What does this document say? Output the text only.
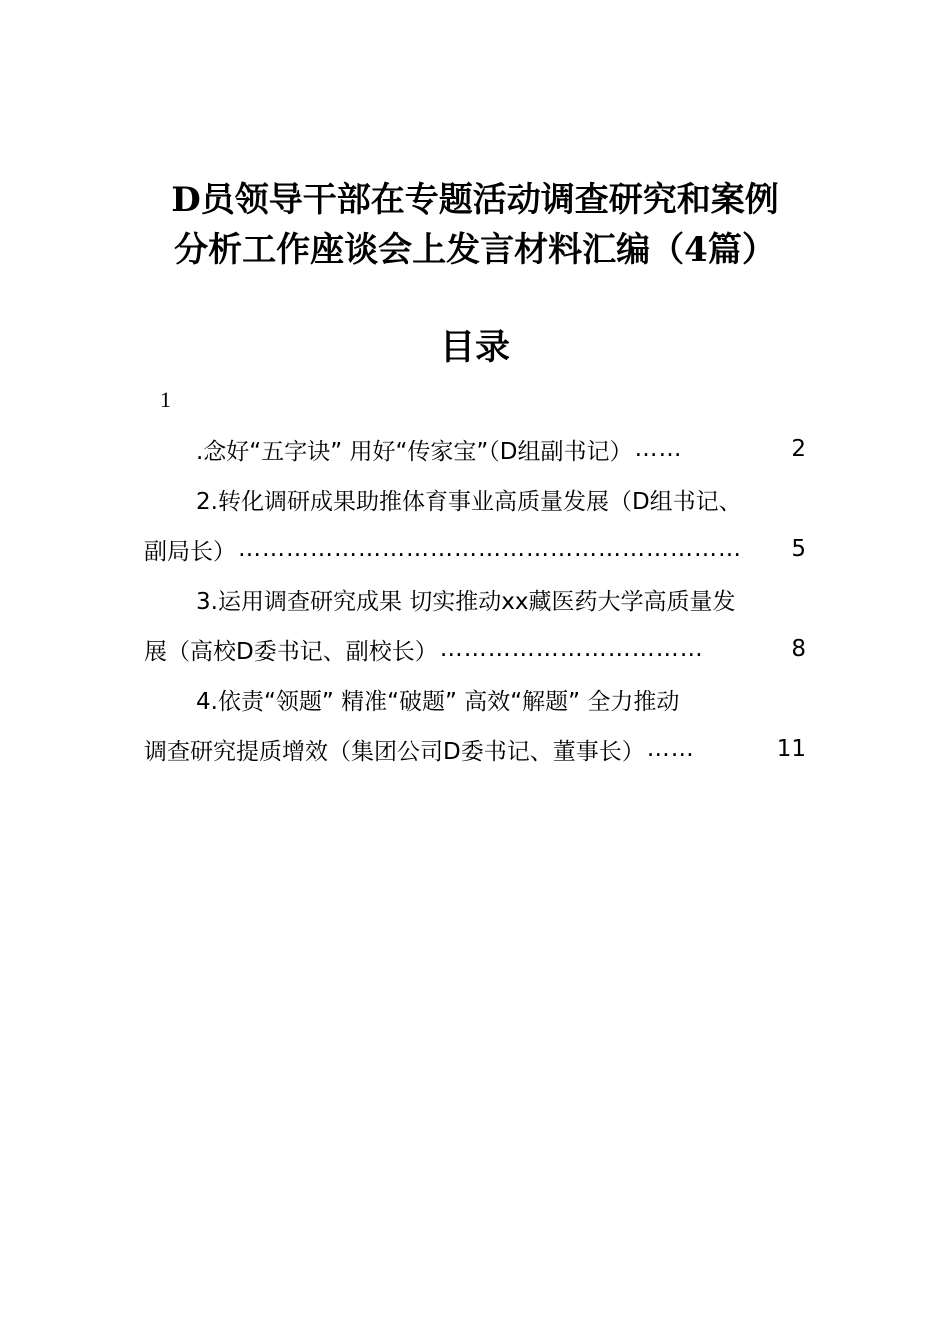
D员领导干部在专题活动调查研究和案例
分析工作座谈会上发言材料汇编（4篇）
目录
1
.念好“五字诀” 用好“传家宝”（D组副书记） ……	2
2.转化调研成果助推体育事业高质量发展（D组书记、
副局长） ………………………………………………………	5
3.运用调查研究成果 切实推动xx藏医药大学高质量发
展（高校D委书记、副校长） ……………………………	8
4.依责“领题” 精准“破题” 高效“解题” 全力推动
调查研究提质增效（集团公司D委书记、董事长） ……	11
